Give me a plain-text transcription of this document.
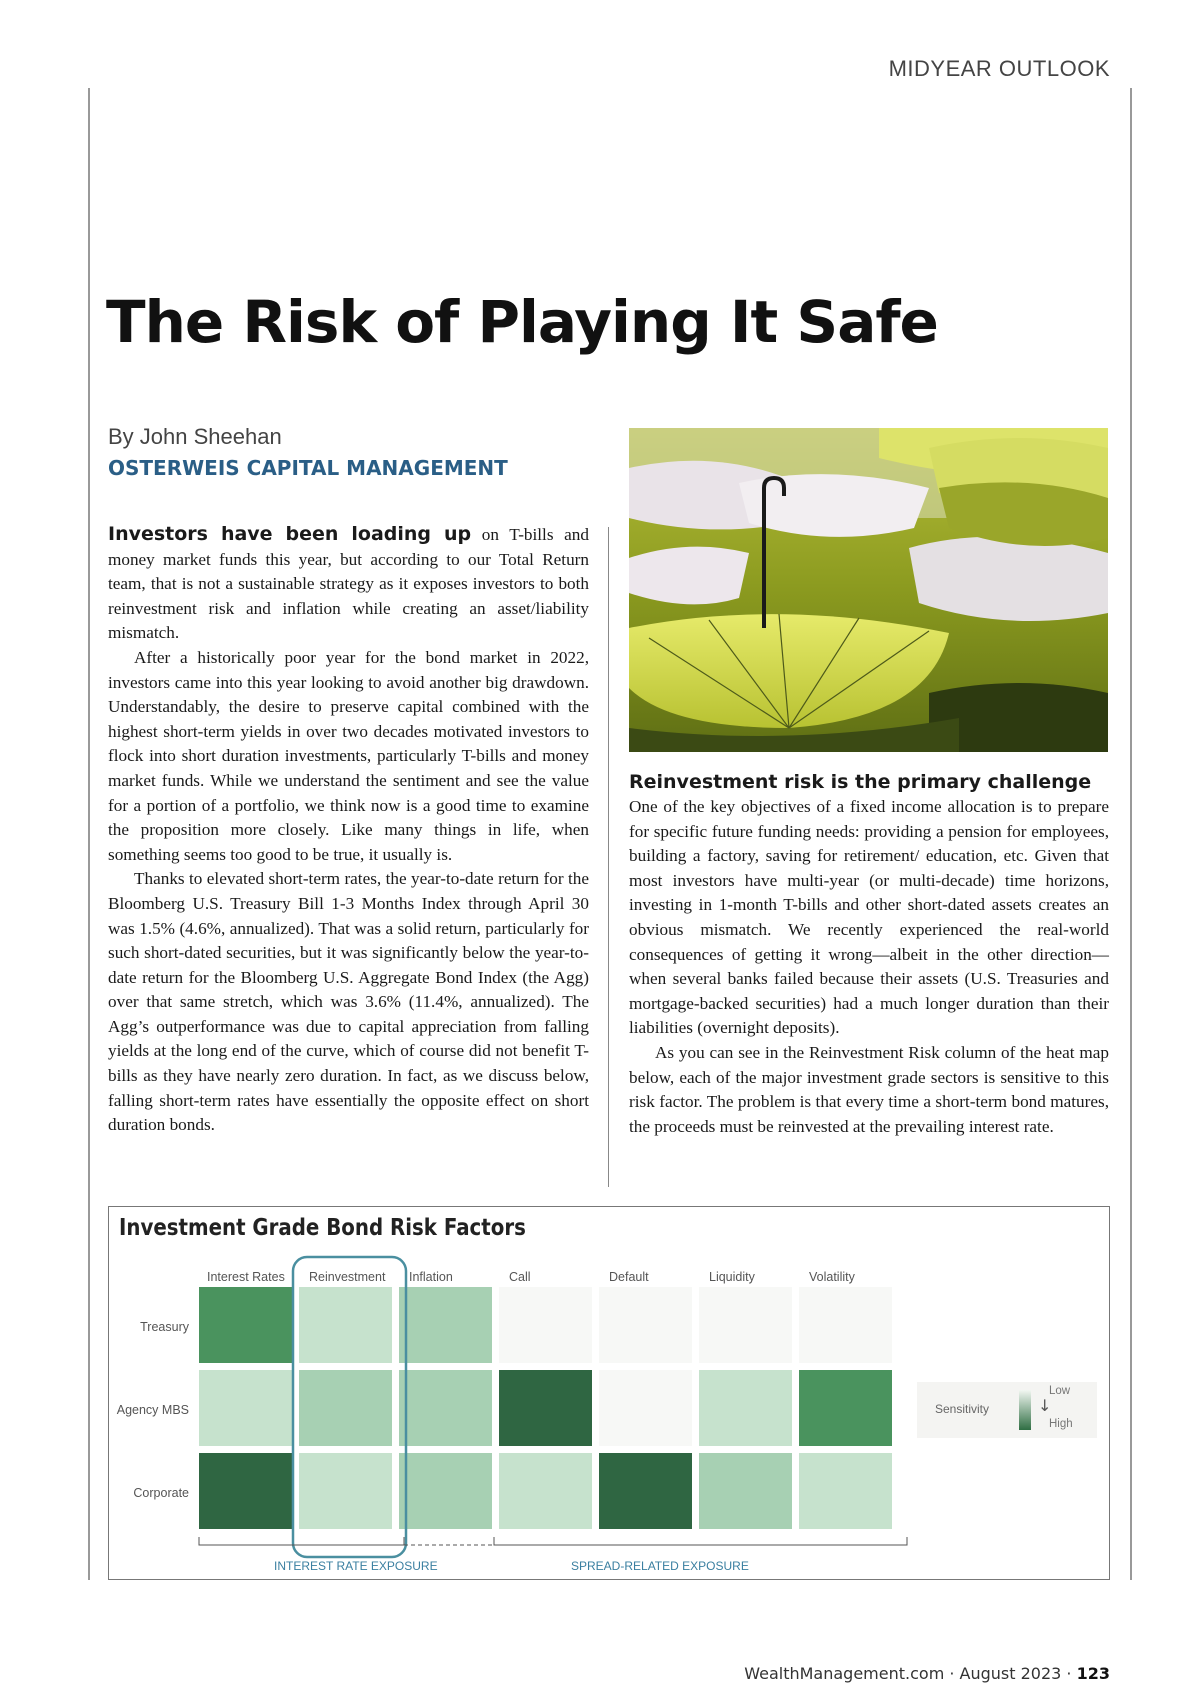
MIDYEAR OUTLOOK
The Risk of Playing It Safe
By John Sheehan
OSTERWEIS CAPITAL MANAGEMENT

Investors have been loading up on T-bills and money market funds this year, but according to our Total Return team, that is not a sustainable strategy as it exposes investors to both reinvestment risk and inflation while creating an asset/liability mismatch.

After a historically poor year for the bond market in 2022, investors came into this year looking to avoid another big drawdown. Understandably, the desire to preserve capital combined with the highest short-term yields in over two decades motivated investors to flock into short duration investments, particularly T-bills and money market funds. While we understand the sentiment and see the value for a portion of a portfolio, we think now is a good time to examine the proposition more closely. Like many things in life, when something seems too good to be true, it usually is.

Thanks to elevated short-term rates, the year-to-date return for the Bloomberg U.S. Treasury Bill 1-3 Months Index through April 30 was 1.5% (4.6%, annualized). That was a solid return, particularly for such short-dated securities, but it was significantly below the year-to-date return for the Bloomberg U.S. Aggregate Bond Index (the Agg) over that same stretch, which was 3.6% (11.4%, annualized). The Agg’s outperformance was due to capital appreciation from falling yields at the long end of the curve, which of course did not benefit T-bills as they have nearly zero duration. In fact, as we discuss below, falling short-term rates have essentially the opposite effect on short duration bonds.

Reinvestment risk is the primary challenge

One of the key objectives of a fixed income allocation is to prepare for specific future funding needs: providing a pension for employees, building a factory, saving for retirement/ education, etc. Given that most investors have multi-year (or multi-decade) time horizons, investing in 1-month T-bills and other short-dated assets creates an obvious mismatch. We recently experienced the real-world consequences of getting it wrong—albeit in the other direction—when several banks failed because their assets (U.S. Treasuries and mortgage-backed securities) had a much longer duration than their liabilities (overnight deposits).

As you can see in the Reinvestment Risk column of the heat map below, each of the major investment grade sectors is sensitive to this risk factor. The problem is that every time a short-term bond matures, the proceeds must be reinvested at the prevailing interest rate.

Investment Grade Bond Risk Factors
Interest Rates Reinvestment Inflation	Call	Default	Liquidity	Volatility
Treasury
Agency MBS
Corporate
INTEREST RATE EXPOSURE	SPREAD-RELATED EXPOSURE
Sensitivity	↓
Low
High
WealthManagement.com · August 2023 · 123
